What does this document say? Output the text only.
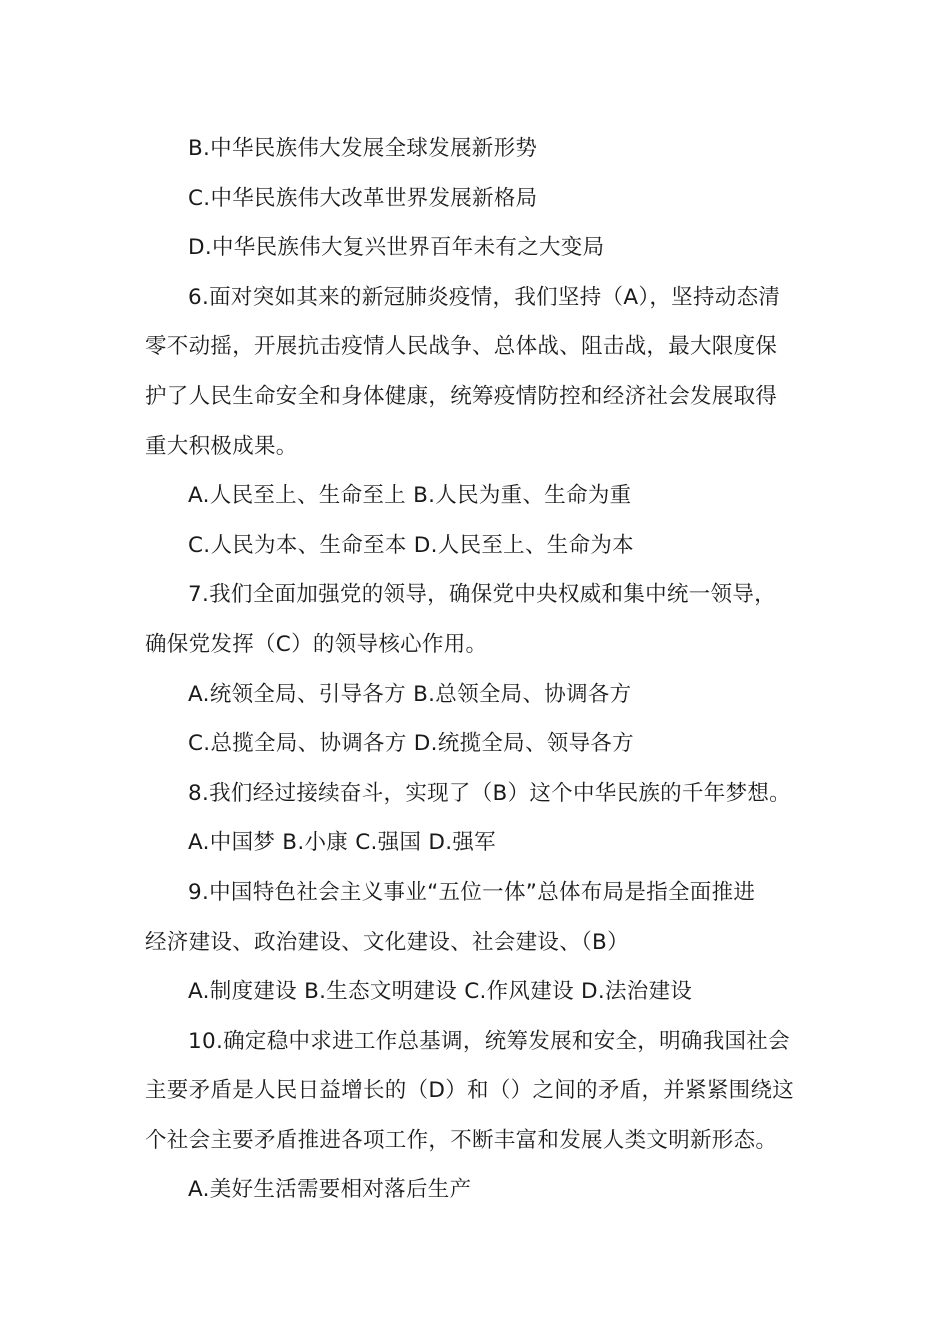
B.中华民族伟大发展全球发展新形势
C.中华民族伟大改革世界发展新格局
D.中华民族伟大复兴世界百年未有之大变局
6.面对突如其来的新冠肺炎疫情，我们坚持（A），坚持动态清
零不动摇，开展抗击疫情人民战争、总体战、阻击战，最大限度保
护了人民生命安全和身体健康，统筹疫情防控和经济社会发展取得
重大积极成果。
A.人民至上、生命至上 B.人民为重、生命为重
C.人民为本、生命至本 D.人民至上、生命为本
7.我们全面加强党的领导，确保党中央权威和集中统一领导，
确保党发挥（C）的领导核心作用。
A.统领全局、引导各方 B.总领全局、协调各方
C.总揽全局、协调各方 D.统揽全局、领导各方
8.我们经过接续奋斗，实现了（B）这个中华民族的千年梦想。
A.中国梦 B.小康 C.强国 D.强军
9.中国特色社会主义事业“五位一体”总体布局是指全面推进
经济建设、政治建设、文化建设、社会建设、（B）
A.制度建设 B.生态文明建设 C.作风建设 D.法治建设
10.确定稳中求进工作总基调，统筹发展和安全，明确我国社会
主要矛盾是人民日益增长的（D）和（）之间的矛盾，并紧紧围绕这
个社会主要矛盾推进各项工作，不断丰富和发展人类文明新形态。
A.美好生活需要相对落后生产
